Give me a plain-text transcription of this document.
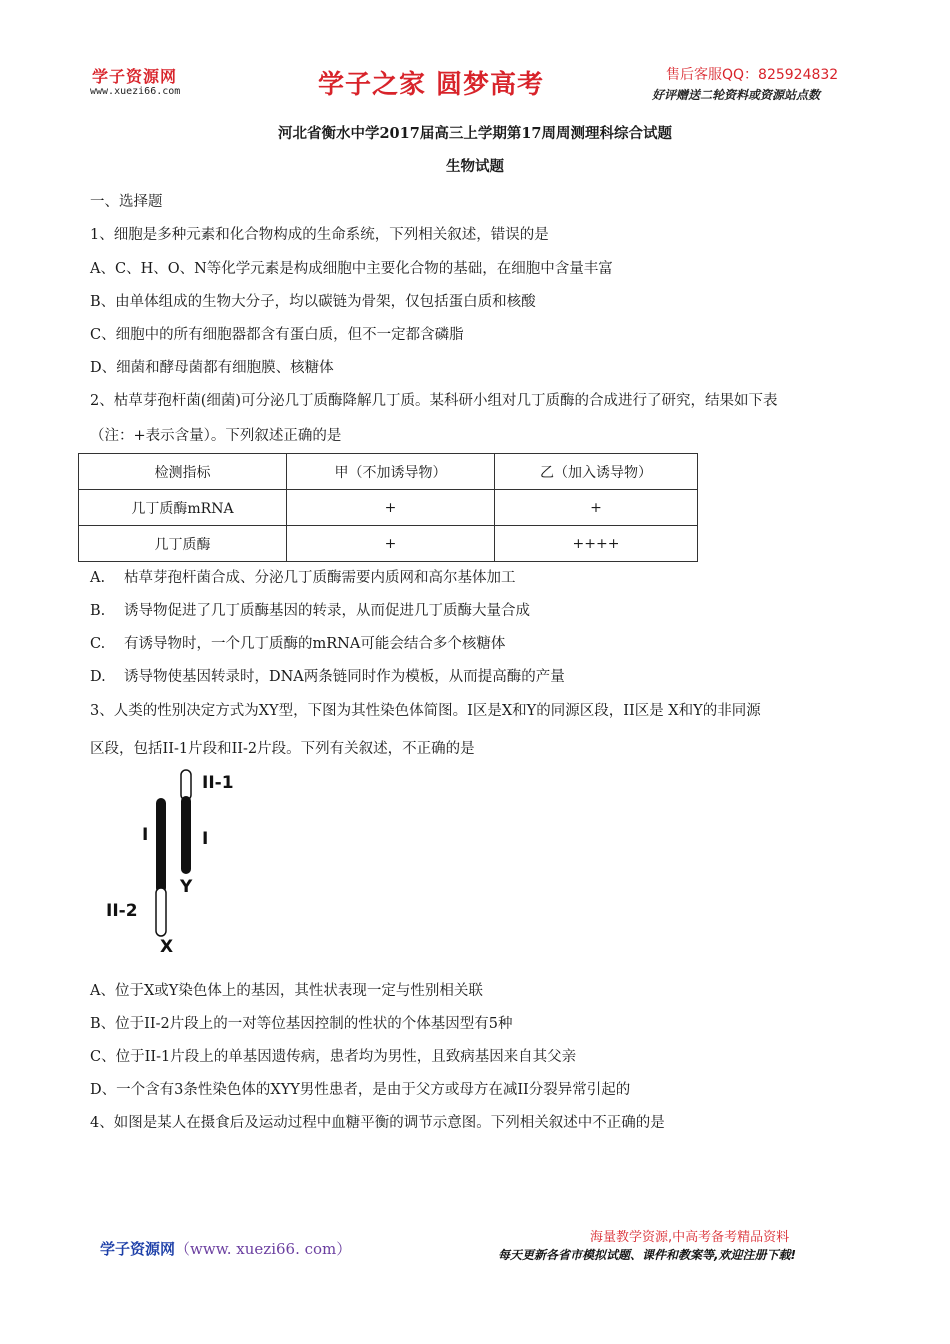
学子资源网
www.xuezi66.com	学子之家 圆梦高考	售后客服QQ：825924832
好评赠送二轮资料或资源站点数
河北省衡水中学2017届高三上学期第17周周测理科综合试题
生物试题
一、选择题
1、细胞是多种元素和化合物构成的生命系统，下列相关叙述，错误的是
A、C、H、O、N等化学元素是构成细胞中主要化合物的基础，在细胞中含量丰富
B、由单体组成的生物大分子，均以碳链为骨架，仅包括蛋白质和核酸
C、细胞中的所有细胞器都含有蛋白质，但不一定都含磷脂
D、细菌和酵母菌都有细胞膜、核糖体
2、枯草芽孢杆菌(细菌)可分泌几丁质酶降解几丁质。某科研小组对几丁质酶的合成进行了研究，结果如下表
（注：+表示含量）。下列叙述正确的是
检测指标	甲（不加诱导物）	乙（加入诱导物）
几丁质酶mRNA	+	+
几丁质酶	+	++++
A. 枯草芽孢杆菌合成、分泌几丁质酶需要内质网和高尔基体加工
B. 诱导物促进了几丁质酶基因的转录，从而促进几丁质酶大量合成
C. 有诱导物时，一个几丁质酶的mRNA可能会结合多个核糖体
D. 诱导物使基因转录时，DNA两条链同时作为模板，从而提高酶的产量
3、人类的性别决定方式为XY型，下图为其性染色体简图。I区是X和Y的同源区段，II区是 X和Y的非同源
区段，包括II-1片段和II-2片段。下列有关叙述，不正确的是
II-1
I
Y
I
II-2
X
A、位于X或Y染色体上的基因，其性状表现一定与性别相关联
B、位于II-2片段上的一对等位基因控制的性状的个体基因型有5种
C、位于II-1片段上的单基因遗传病，患者均为男性，且致病基因来自其父亲
D、一个含有3条性染色体的XYY男性患者，是由于父方或母方在减II分裂异常引起的
4、如图是某人在摄食后及运动过程中血糖平衡的调节示意图。下列相关叙述中不正确的是
学子资源网（www. xuezi66. com）
海量教学资源,中高考备考精品资料
每天更新各省市模拟试题、课件和教案等,欢迎注册下载!
